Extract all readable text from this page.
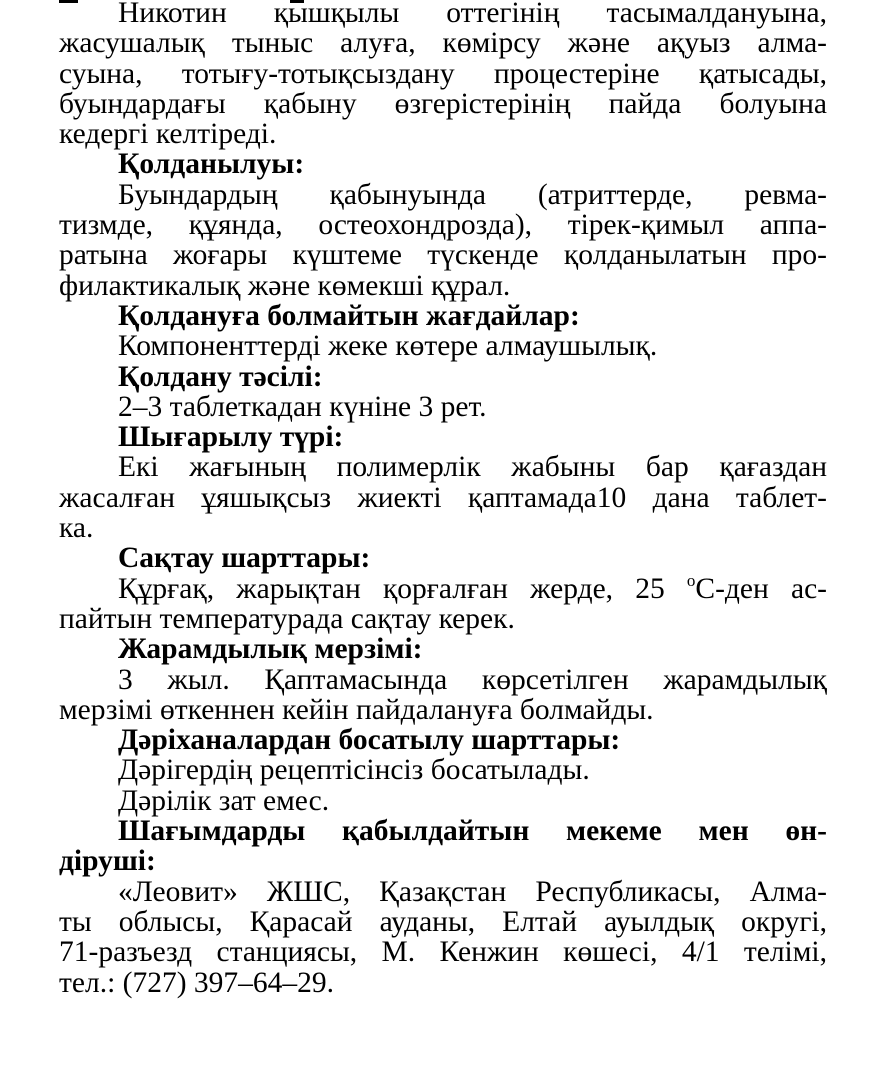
Никотин қышқылы оттегінің тасымалдануына,
жасушалық тыныс алуға, көмірсу және ақуыз алма-
суына, тотығу-тотықсыздану процестеріне қатысады,
буындардағы қабыну өзгерістерінің пайда болуына
кедергі келтіреді.
Қолданылуы:
Буындардың қабынуында (атриттерде, ревма-
тизмде, құянда, остеохондрозда), тірек-қимыл аппа-
ратына жоғары күштеме түскенде қолданылатын про-
филактикалық және көмекші құрал.
Қолдануға болмайтын жағдайлар:
Компоненттерді жеке көтере алмаушылық.
Қолдану тәсілі:
2–3 таблеткадан күніне 3 рет.
Шығарылу түрі:
Екі жағының полимерлік жабыны бар қағаздан
жасалған ұяшықсыз жиекті қаптамада10 дана таблет-
ка.
Сақтау шарттары:
Құрғақ, жарықтан қорғалған жерде, 25 $^о$С-ден ас-
пайтын температурада сақтау керек.
Жарамдылық мерзімі:
3 жыл. Қаптамасында көрсетілген жарамдылық
мерзімі өткеннен кейін пайдалануға болмайды.
Дәріханалардан босатылу шарттары:
Дәрігердің рецептісінсіз босатылады.
Дәрілік зат емес.
Шағымдарды қабылдайтын мекеме мен өн-
діруші:
«Леовит» ЖШС, Қазақстан Республикасы, Алма-
ты облысы, Қарасай ауданы, Елтай ауылдық округі,
71-разъезд станциясы, М. Кенжин көшесі, 4/1 телімі,
тел.: (727) 397–64–29.
